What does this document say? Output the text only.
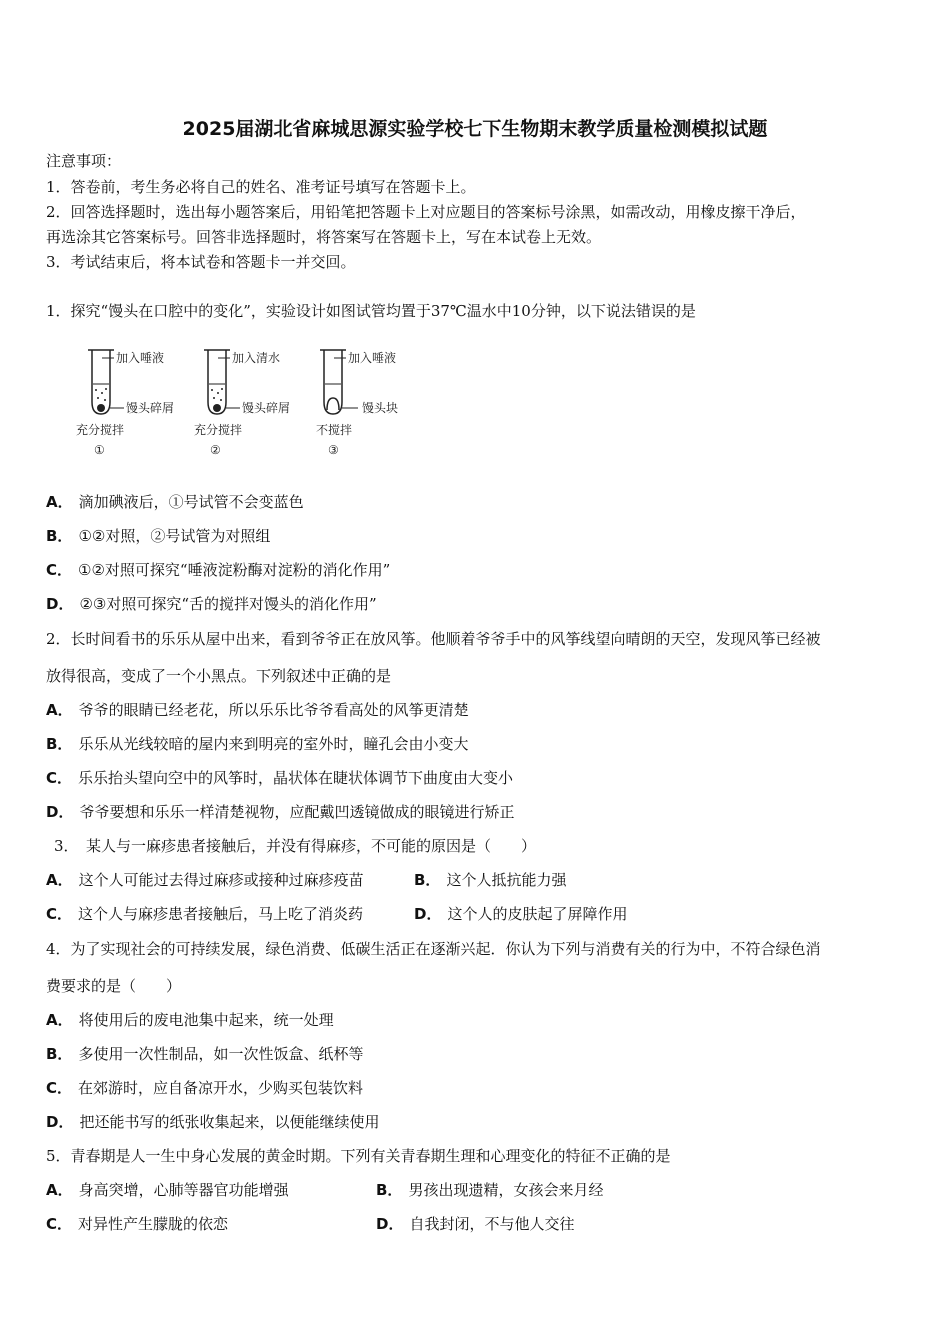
2025届湖北省麻城思源实验学校七下生物期末教学质量检测模拟试题
注意事项：
1．答卷前，考生务必将自己的姓名、准考证号填写在答题卡上。
2．回答选择题时，选出每小题答案后，用铅笔把答题卡上对应题目的答案标号涂黑，如需改动，用橡皮擦干净后，
再选涂其它答案标号。回答非选择题时，将答案写在答题卡上，写在本试卷上无效。
3．考试结束后，将本试卷和答题卡一并交回。
1．探究“馒头在口腔中的变化”，实验设计如图试管均置于37℃温水中10分钟，以下说法错误的是
加入唾液
馒头碎屑
充分搅拌
①
加入清水
馒头碎屑
充分搅拌
②
加入唾液
馒头块
不搅拌
③
A． 滴加碘液后，①号试管不会变蓝色
B． ①②对照，②号试管为对照组
C． ①②对照可探究“唾液淀粉酶对淀粉的消化作用”
D． ②③对照可探究“舌的搅拌对馒头的消化作用”
2．长时间看书的乐乐从屋中出来，看到爷爷正在放风筝。他顺着爷爷手中的风筝线望向晴朗的天空，发现风筝已经被
放得很高，变成了一个小黑点。下列叙述中正确的是
A． 爷爷的眼睛已经老花，所以乐乐比爷爷看高处的风筝更清楚
B． 乐乐从光线较暗的屋内来到明亮的室外时，瞳孔会由小变大
C． 乐乐抬头望向空中的风筝时，晶状体在睫状体调节下曲度由大变小
D． 爷爷要想和乐乐一样清楚视物，应配戴凹透镜做成的眼镜进行矫正
3．　某人与一麻疹患者接触后，并没有得麻疹，不可能的原因是（　　）
A． 这个人可能过去得过麻疹或接种过麻疹疫苗	B． 这个人抵抗能力强
C． 这个人与麻疹患者接触后，马上吃了消炎药	D． 这个人的皮肤起了屏障作用
4．为了实现社会的可持续发展，绿色消费、低碳生活正在逐渐兴起．你认为下列与消费有关的行为中，不符合绿色消
费要求的是（　　）
A． 将使用后的废电池集中起来，统一处理
B． 多使用一次性制品，如一次性饭盒、纸杯等
C． 在郊游时，应自备凉开水，少购买包装饮料
D． 把还能书写的纸张收集起来，以便能继续使用
5．青春期是人一生中身心发展的黄金时期。下列有关青春期生理和心理变化的特征不正确的是
A． 身高突增，心肺等器官功能增强	B． 男孩出现遗精，女孩会来月经
C． 对异性产生朦胧的依恋	D． 自我封闭，不与他人交往
